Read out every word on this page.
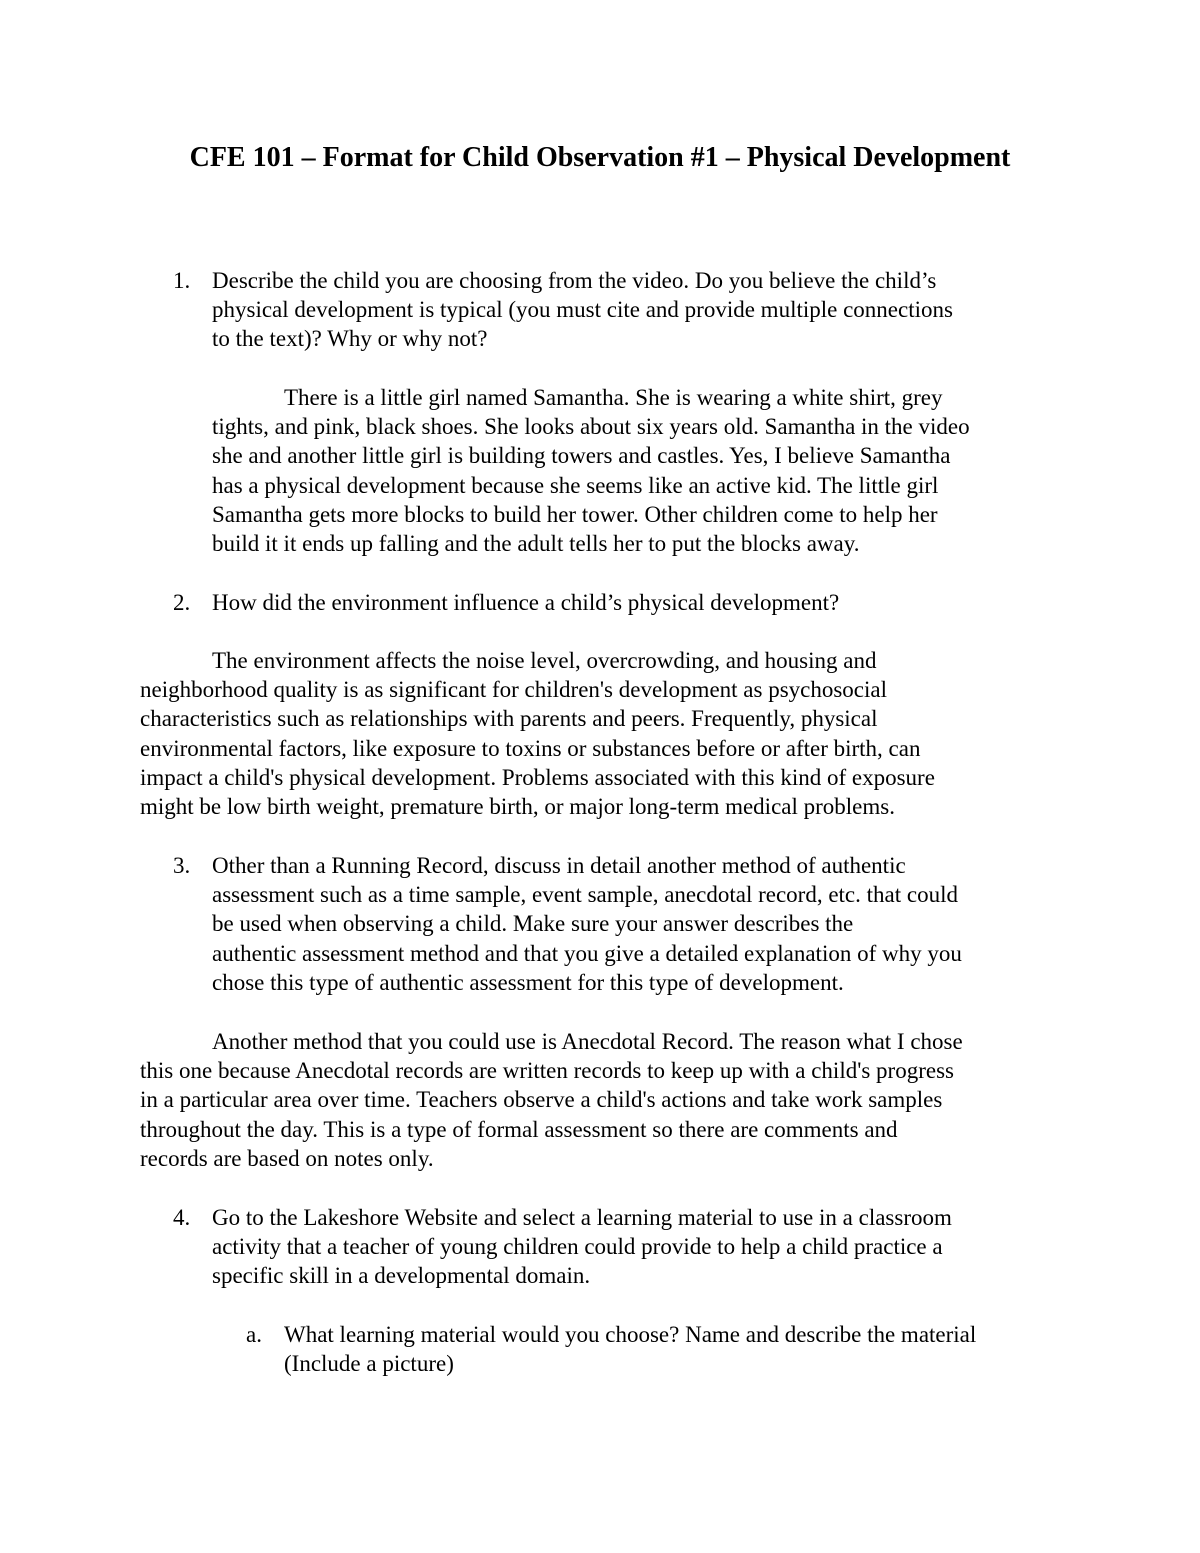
CFE 101 – Format for Child Observation #1 – Physical Development
1. Describe the child you are choosing from the video. Do you believe the child’s
physical development is typical (you must cite and provide multiple connections
to the text)? Why or why not?
There is a little girl named Samantha. She is wearing a white shirt, grey
tights, and pink, black shoes. She looks about six years old. Samantha in the video
she and another little girl is building towers and castles. Yes, I believe Samantha
has a physical development because she seems like an active kid. The little girl
Samantha gets more blocks to build her tower. Other children come to help her
build it it ends up falling and the adult tells her to put the blocks away.
2. How did the environment influence a child’s physical development?
The environment affects the noise level, overcrowding, and housing and
neighborhood quality is as significant for children's development as psychosocial
characteristics such as relationships with parents and peers. Frequently, physical
environmental factors, like exposure to toxins or substances before or after birth, can
impact a child's physical development. Problems associated with this kind of exposure
might be low birth weight, premature birth, or major long-term medical problems.
3. Other than a Running Record, discuss in detail another method of authentic
assessment such as a time sample, event sample, anecdotal record, etc. that could
be used when observing a child. Make sure your answer describes the
authentic assessment method and that you give a detailed explanation of why you
chose this type of authentic assessment for this type of development.
Another method that you could use is Anecdotal Record. The reason what I chose
this one because Anecdotal records are written records to keep up with a child's progress
in a particular area over time. Teachers observe a child's actions and take work samples
throughout the day. This is a type of formal assessment so there are comments and
records are based on notes only.
4. Go to the Lakeshore Website and select a learning material to use in a classroom
activity that a teacher of young children could provide to help a child practice a
specific skill in a developmental domain.
a. What learning material would you choose? Name and describe the material
(Include a picture)
